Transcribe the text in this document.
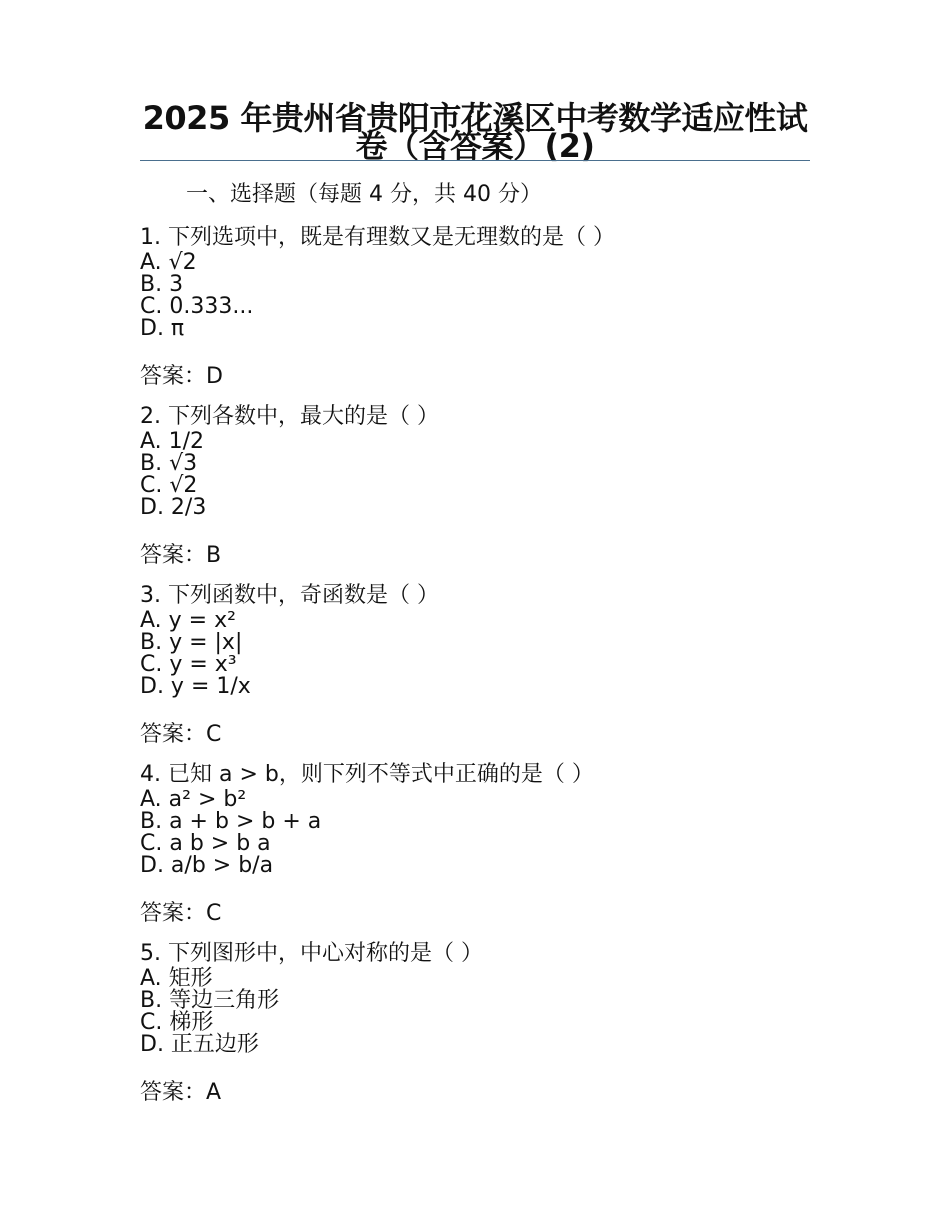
2025 年贵州省贵阳市花溪区中考数学适应性试卷（含答案）(2)
一、选择题（每题 4 分，共 40 分）

1. 下列选项中，既是有理数又是无理数的是（ ）

A. √2

B. 3

C. 0.333...

D. π

答案：D

2. 下列各数中，最大的是（ ）

A. 1/2

B. √3

C. √2

D. 2/3

答案：B

3. 下列函数中，奇函数是（ ）

A. y = x²

B. y = |x|

C. y = x³

D. y = 1/x

答案：C

4. 已知 a > b，则下列不等式中正确的是（ ）

A. a² > b²

B. a + b > b + a

C. a b > b a

D. a/b > b/a

答案：C

5. 下列图形中，中心对称的是（ ）

A. 矩形

B. 等边三角形

C. 梯形

D. 正五边形

答案：A
